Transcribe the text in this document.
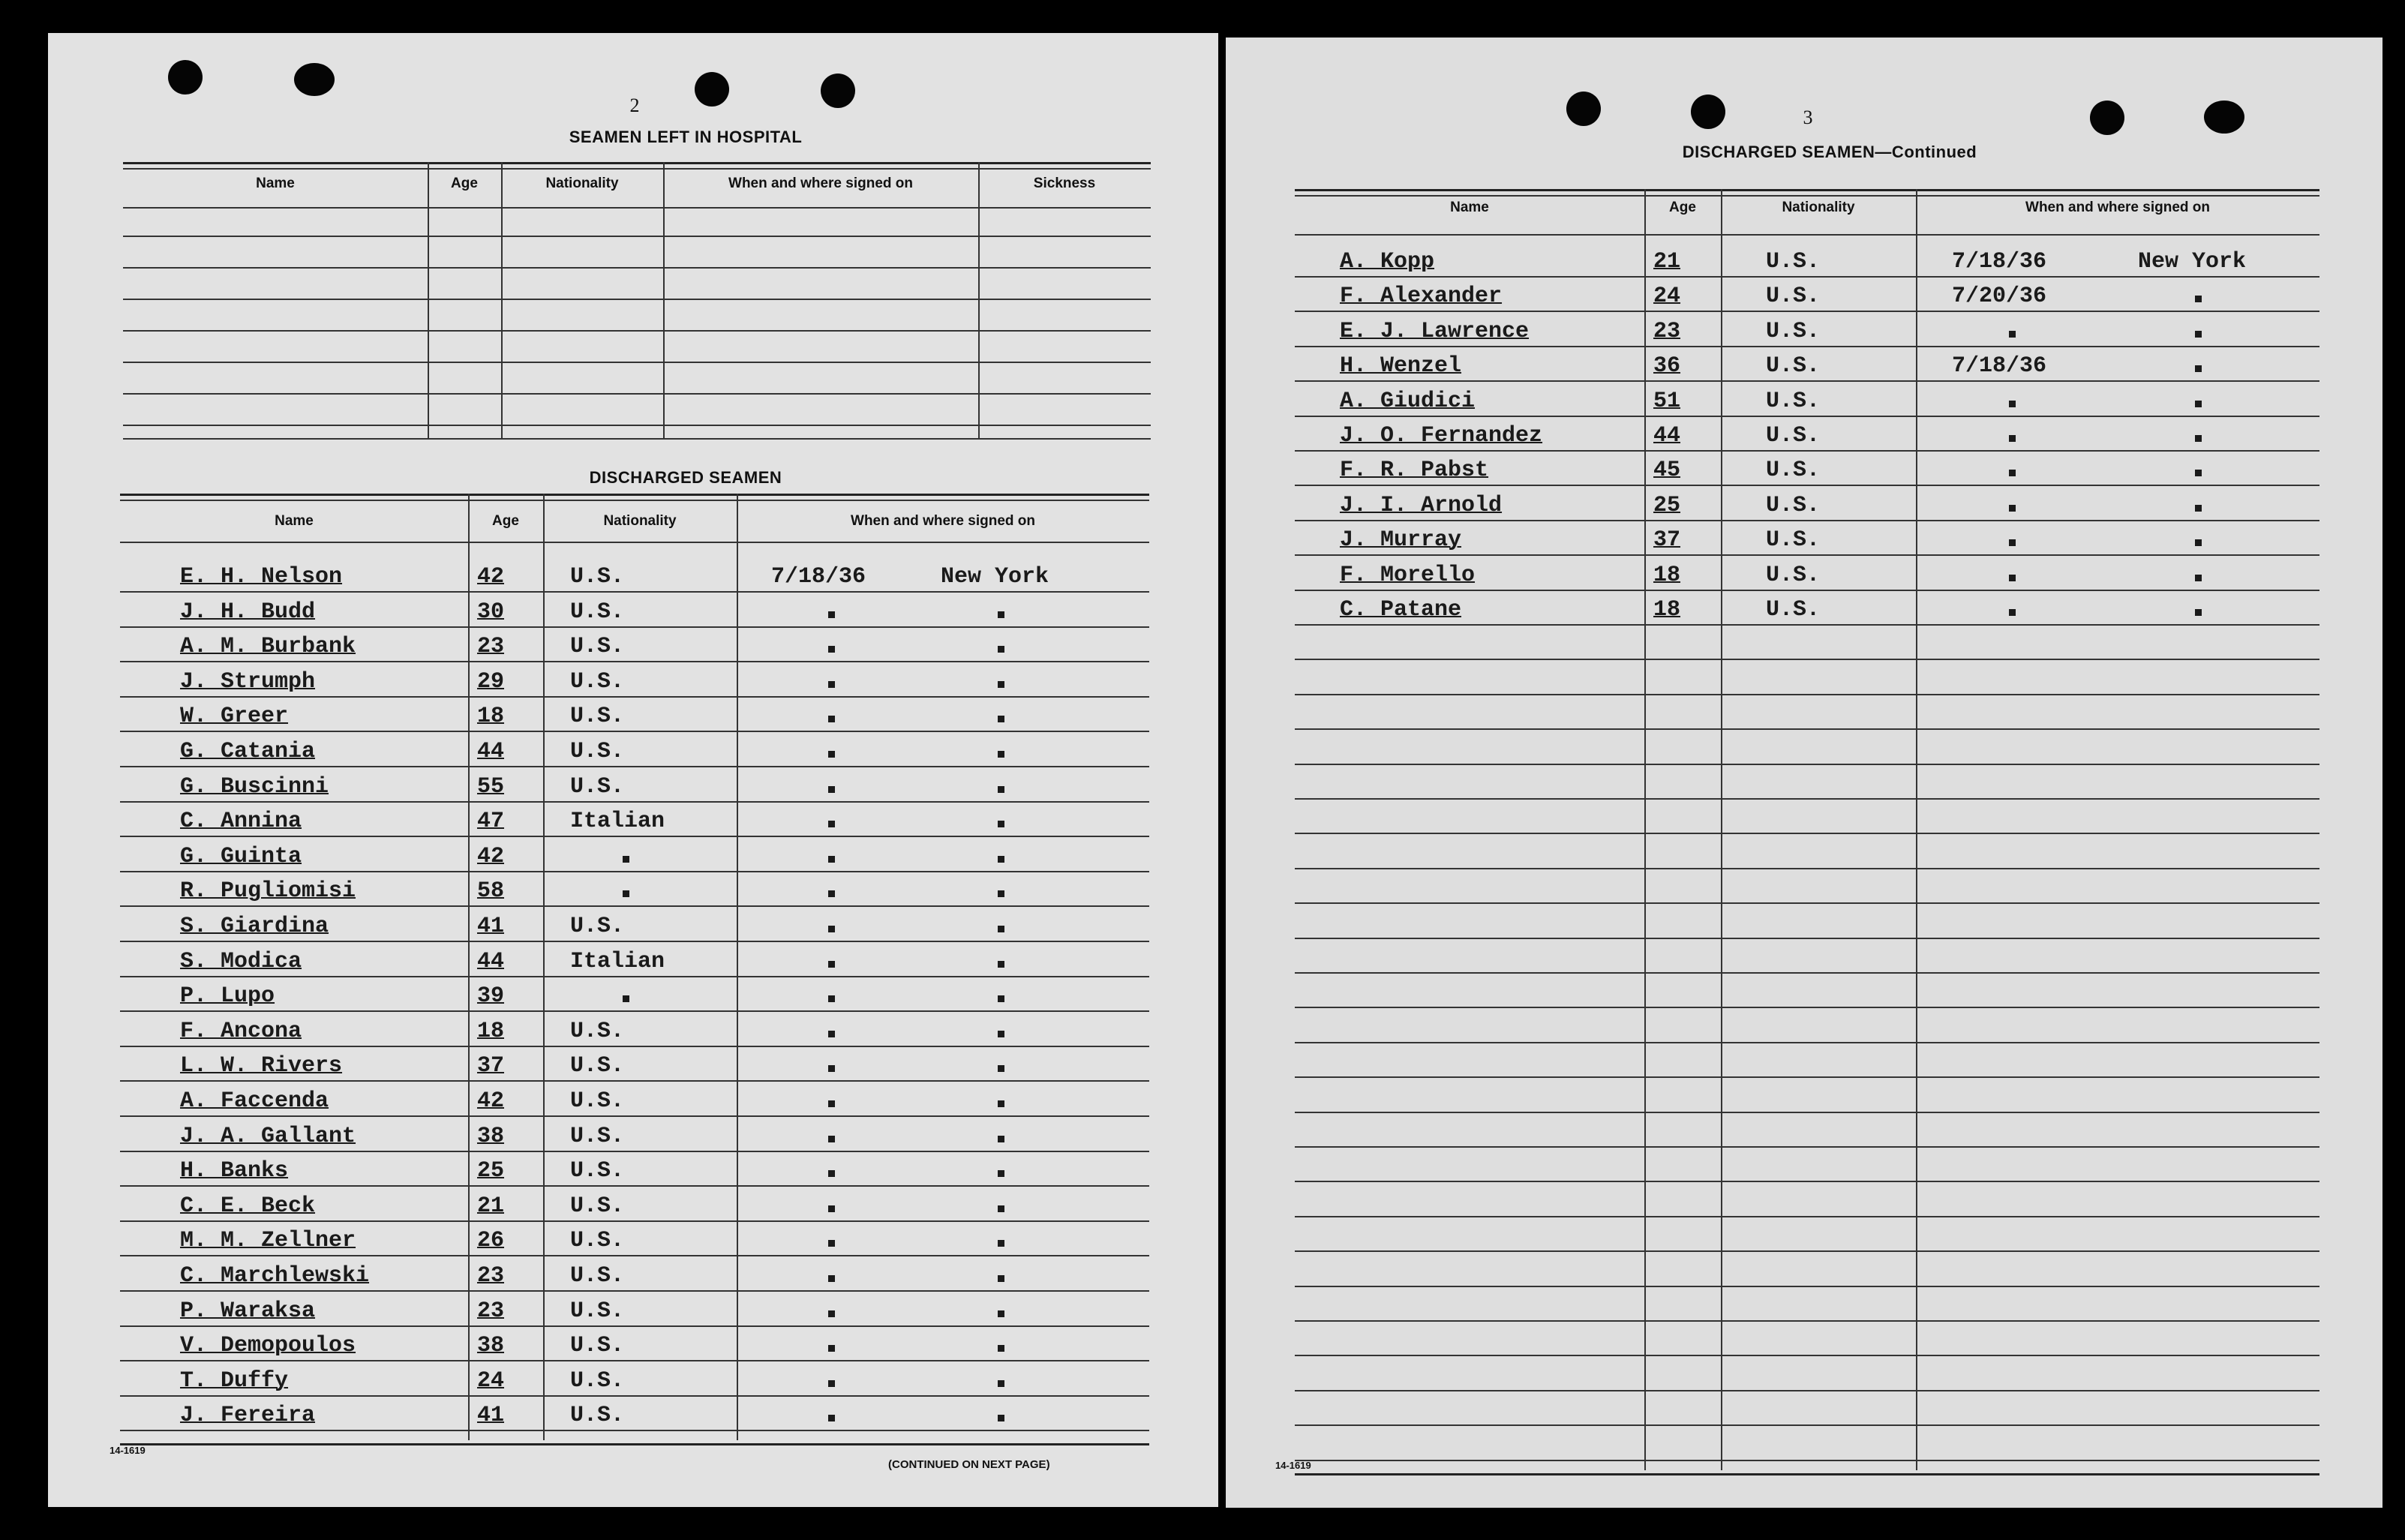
2
SEAMEN LEFT IN HOSPITAL
Name	Age	Nationality	When and where signed on	Sickness
DISCHARGED SEAMEN
Name	Age	Nationality	When and where signed on
E. H. Nelson	42	U.S.	7/18/36	New York
J. H. Budd	30	U.S.
A. M. Burbank	23	U.S.
J. Strumph	29	U.S.
W. Greer	18	U.S.
G. Catania	44	U.S.
G. Buscinni	55	U.S.
C. Annina	47	Italian
G. Guinta	42
R. Pugliomisi	58
S. Giardina	41	U.S.
S. Modica	44	Italian
P. Lupo	39
F. Ancona	18	U.S.
L. W. Rivers	37	U.S.
A. Faccenda	42	U.S.
J. A. Gallant	38	U.S.
H. Banks	25	U.S.
C. E. Beck	21	U.S.
M. M. Zellner	26	U.S.
C. Marchlewski	23	U.S.
P. Waraksa	23	U.S.
V. Demopoulos	38	U.S.
T. Duffy	24	U.S.
J. Fereira	41	U.S.
14-1619
(CONTINUED ON NEXT PAGE)
3
DISCHARGED SEAMEN—Continued
Name	Age	Nationality	When and where signed on
A. Kopp	21	U.S.	7/18/36	New York
F. Alexander	24	U.S.	7/20/36
E. J. Lawrence	23	U.S.
H. Wenzel	36	U.S.	7/18/36
A. Giudici	51	U.S.
J. O. Fernandez	44	U.S.
F. R. Pabst	45	U.S.
J. I. Arnold	25	U.S.
J. Murray	37	U.S.
F. Morello	18	U.S.
C. Patane	18	U.S.
14-1619
